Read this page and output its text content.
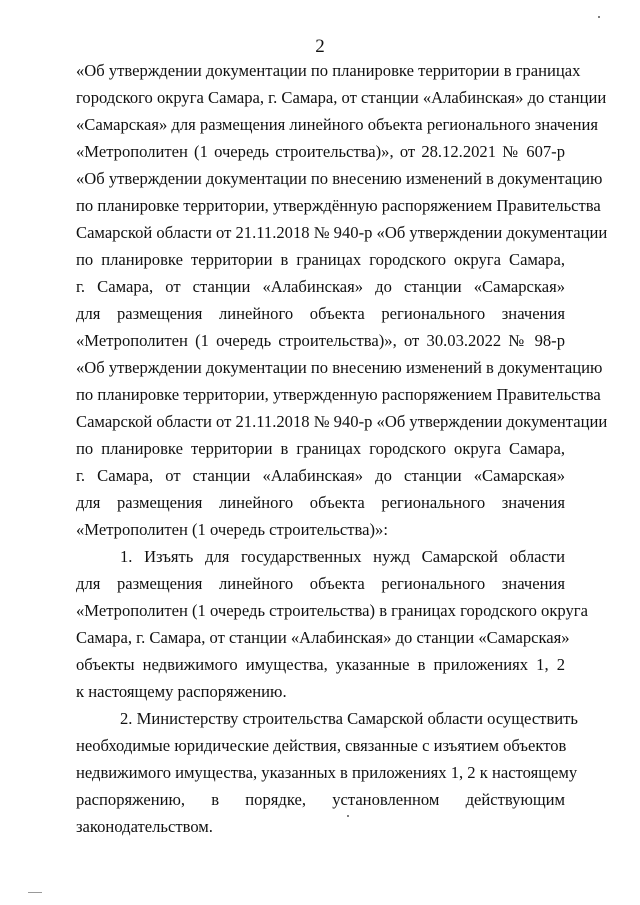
2
«Об утверждении документации по планировке территории в границах
городского округа Самара, г. Самара, от станции «Алабинская» до станции
«Самарская» для размещения линейного объекта регионального значения
«Метрополитен (1 очередь строительства)», от 28.12.2021 № 607-р
«Об утверждении документации по внесению изменений в документацию
по планировке территории, утверждённую распоряжением Правительства
Самарской области от 21.11.2018 № 940-р «Об утверждении документации
по планировке территории в границах городского округа Самара,
г. Самара, от станции «Алабинская» до станции «Самарская»
для размещения линейного объекта регионального значения
«Метрополитен (1 очередь строительства)», от 30.03.2022 № 98-р
«Об утверждении документации по внесению изменений в документацию
по планировке территории, утвержденную распоряжением Правительства
Самарской области от 21.11.2018 № 940-р «Об утверждении документации
по планировке территории в границах городского округа Самара,
г. Самара, от станции «Алабинская» до станции «Самарская»
для размещения линейного объекта регионального значения
«Метрополитен (1 очередь строительства)»:
1. Изъять для государственных нужд Самарской области
для размещения линейного объекта регионального значения
«Метрополитен (1 очередь строительства) в границах городского округа
Самара, г. Самара, от станции «Алабинская» до станции «Самарская»
объекты недвижимого имущества, указанные в приложениях 1, 2
к настоящему распоряжению.
2. Министерству строительства Самарской области осуществить
необходимые юридические действия, связанные с изъятием объектов
недвижимого имущества, указанных в приложениях 1, 2 к настоящему
распоряжению, в порядке, установленном действующим
законодательством.
